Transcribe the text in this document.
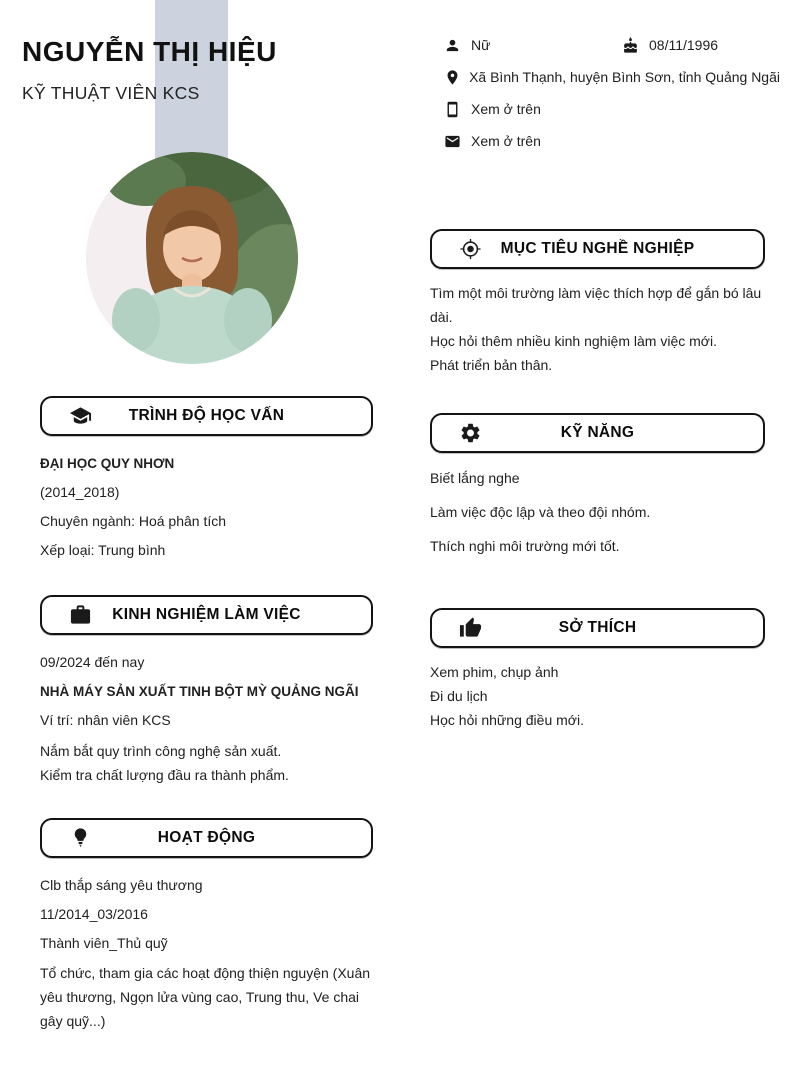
NGUYỄN THỊ HIỆU
KỸ THUẬT VIÊN KCS
Nữ	08/11/1996
Xã Bình Thạnh, huyện Bình Sơn, tỉnh Quảng Ngãi
Xem ở trên
Xem ở trên
TRÌNH ĐỘ HỌC VẤN

ĐẠI HỌC QUY NHƠN

(2014_2018)

Chuyên ngành: Hoá phân tích

Xếp loại: Trung bình

KINH NGHIỆM LÀM VIỆC

09/2024 đến nay

NHÀ MÁY SẢN XUẤT TINH BỘT MỲ QUẢNG NGÃI

Ví trí: nhân viên KCS

Nắm bắt quy trình công nghệ sản xuất.

Kiểm tra chất lượng đầu ra thành phẩm.

HOẠT ĐỘNG

Clb thắp sáng yêu thương

11/2014_03/2016

Thành viên_Thủ quỹ

Tổ chức, tham gia các hoạt động thiện nguyện (Xuân yêu thương, Ngọn lửa vùng cao, Trung thu, Ve chai gây quỹ...)

MỤC TIÊU NGHỀ NGHIỆP

Tìm một môi trường làm việc thích hợp để gắn bó lâu dài.

Học hỏi thêm nhiều kinh nghiệm làm việc mới.

Phát triển bản thân.

KỸ NĂNG

Biết lắng nghe

Làm việc độc lập và theo đội nhóm.

Thích nghi môi trường mới tốt.

SỞ THÍCH

Xem phim, chụp ảnh

Đi du lịch

Học hỏi những điều mới.
